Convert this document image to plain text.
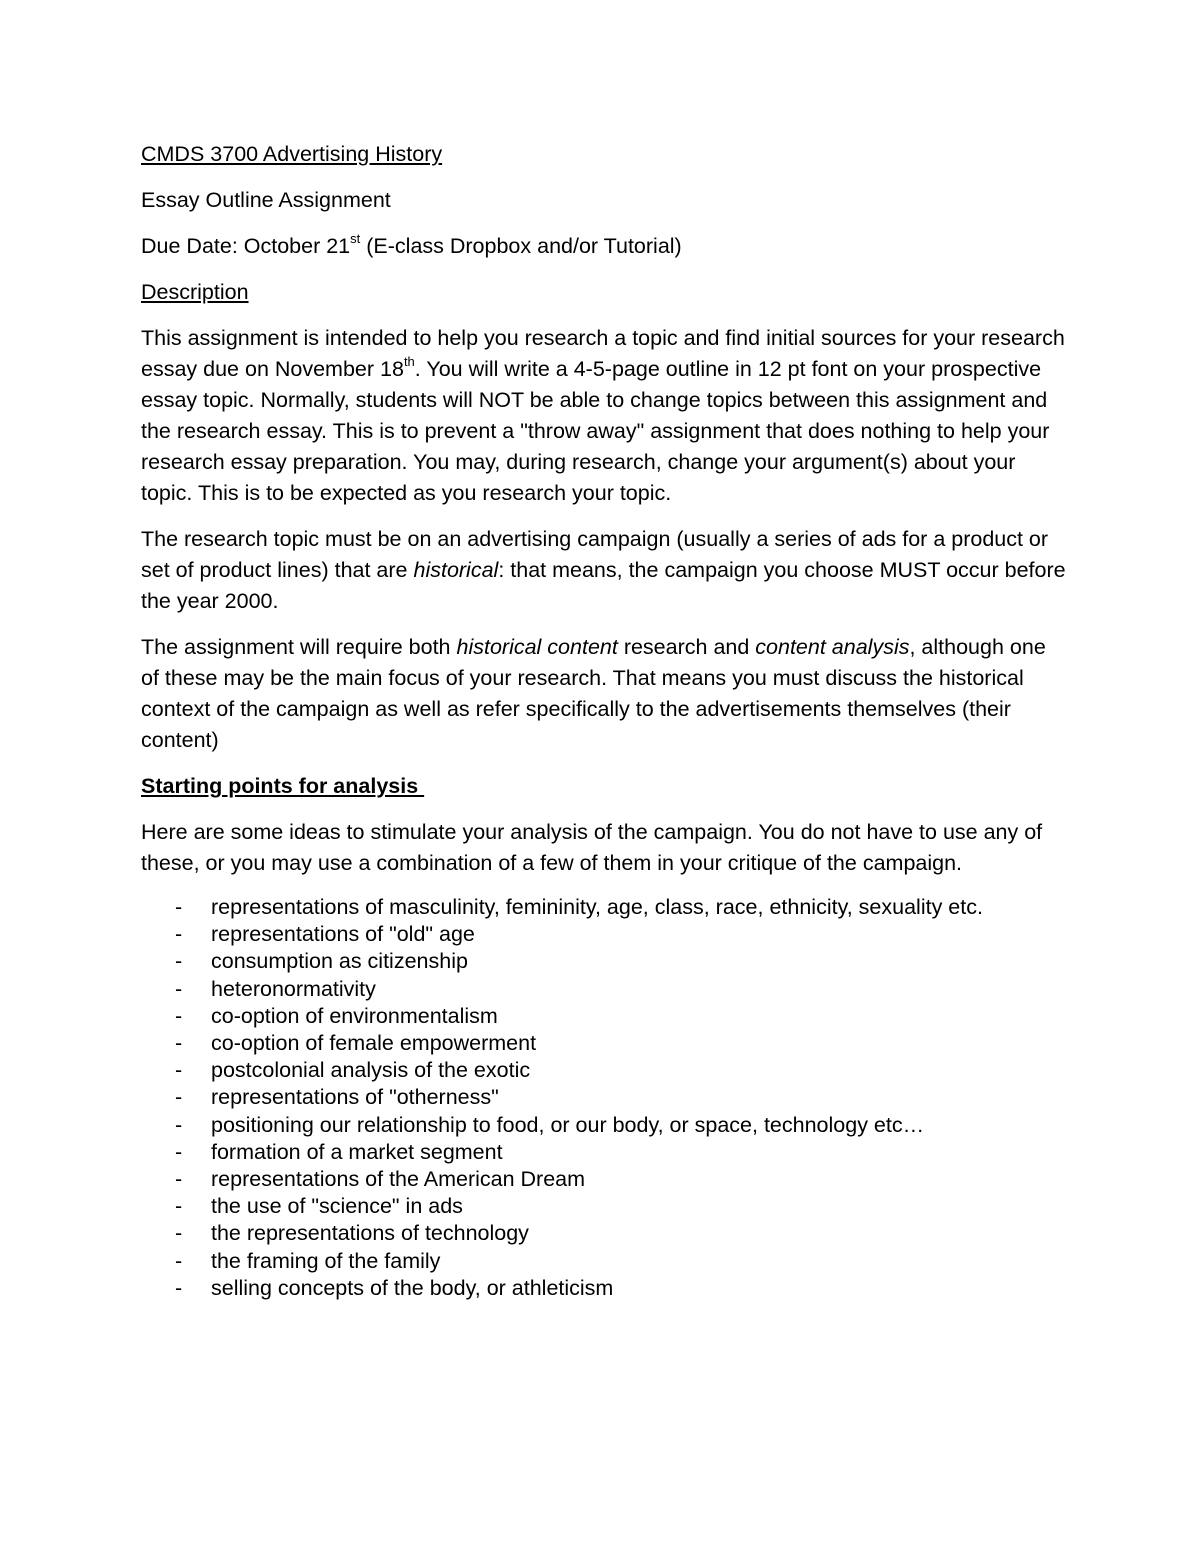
CMDS 3700 Advertising History

Essay Outline Assignment

Due Date: October 21st (E-class Dropbox and/or Tutorial)

Description

This assignment is intended to help you research a topic and find initial sources for your research essay due on November 18th. You will write a 4-5-page outline in 12 pt font on your prospective essay topic. Normally, students will NOT be able to change topics between this assignment and the research essay. This is to prevent a "throw away" assignment that does nothing to help your research essay preparation. You may, during research, change your argument(s) about your topic. This is to be expected as you research your topic.

The research topic must be on an advertising campaign (usually a series of ads for a product or set of product lines) that are historical: that means, the campaign you choose MUST occur before the year 2000.

The assignment will require both historical content research and content analysis, although one of these may be the main focus of your research. That means you must discuss the historical context of the campaign as well as refer specifically to the advertisements themselves (their content)

Starting points for analysis

Here are some ideas to stimulate your analysis of the campaign. You do not have to use any of these, or you may use a combination of a few of them in your critique of the campaign.

- representations of masculinity, femininity, age, class, race, ethnicity, sexuality etc.
- representations of "old" age
- consumption as citizenship
- heteronormativity
- co-option of environmentalism
- co-option of female empowerment
- postcolonial analysis of the exotic
- representations of "otherness"
- positioning our relationship to food, or our body, or space, technology etc…
- formation of a market segment
- representations of the American Dream
- the use of "science" in ads
- the representations of technology
- the framing of the family
- selling concepts of the body, or athleticism
